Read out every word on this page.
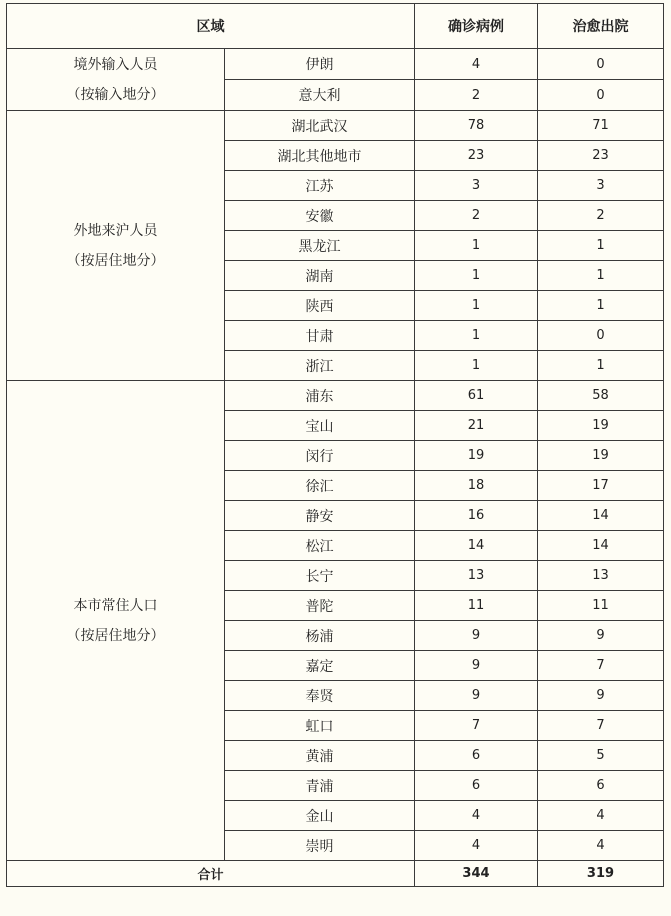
区域		确诊病例	治愈出院

境外输入人员
（按输入地分）	伊朗	4	0
	意大利	2	0

外地来沪人员
（按居住地分）	湖北武汉	78	71
	湖北其他地市	23	23
	江苏	3	3
	安徽	2	2
	黑龙江	1	1
	湖南	1	1
	陕西	1	1
	甘肃	1	0
	浙江	1	1

本市常住人口
（按居住地分）	浦东	61	58
	宝山	21	19
	闵行	19	19
	徐汇	18	17
	静安	16	14
	松江	14	14
	长宁	13	13
	普陀	11	11
	杨浦	9	9
	嘉定	9	7
	奉贤	9	9
	虹口	7	7
	黄浦	6	5
	青浦	6	6
	金山	4	4
	崇明	4	4
合计		344	319
